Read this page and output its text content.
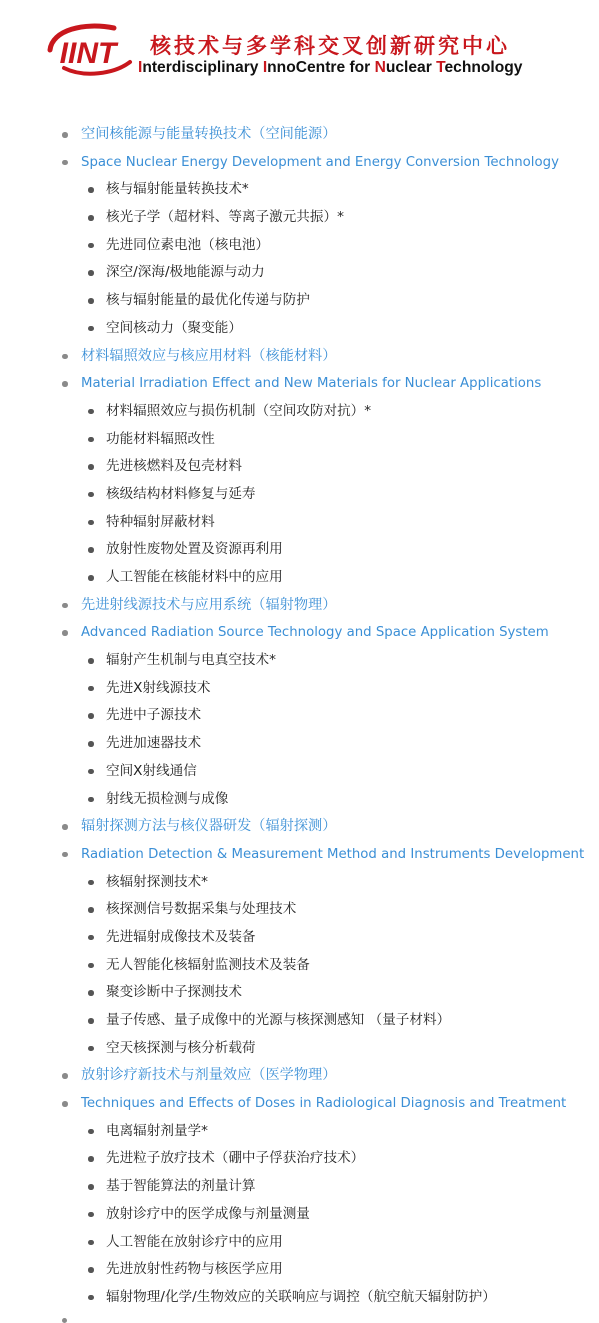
IINT 核技术与多学科交叉创新研究中心
Interdisciplinary InnoCentre for Nuclear Technology
空间核能源与能量转换技术（空间能源）
Space Nuclear Energy Development and Energy Conversion Technology
核与辐射能量转换技术*
核光子学（超材料、等离子激元共振）*
先进同位素电池（核电池）
深空/深海/极地能源与动力
核与辐射能量的最优化传递与防护
空间核动力（聚变能）
材料辐照效应与核应用材料（核能材料）
Material Irradiation Effect and New Materials for Nuclear Applications
材料辐照效应与损伤机制（空间攻防对抗）*
功能材料辐照改性
先进核燃料及包壳材料
核级结构材料修复与延寿
特种辐射屏蔽材料
放射性废物处置及资源再利用
人工智能在核能材料中的应用
先进射线源技术与应用系统（辐射物理）
Advanced Radiation Source Technology and Space Application System
辐射产生机制与电真空技术*
先进X射线源技术
先进中子源技术
先进加速器技术
空间X射线通信
射线无损检测与成像
辐射探测方法与核仪器研发（辐射探测）
Radiation Detection & Measurement Method and Instruments Development
核辐射探测技术*
核探测信号数据采集与处理技术
先进辐射成像技术及装备
无人智能化核辐射监测技术及装备
聚变诊断中子探测技术
量子传感、量子成像中的光源与核探测感知 （量子材料）
空天核探测与核分析载荷
放射诊疗新技术与剂量效应（医学物理）
Techniques and Effects of Doses in Radiological Diagnosis and Treatment
电离辐射剂量学*
先进粒子放疗技术（硼中子俘获治疗技术）
基于智能算法的剂量计算
放射诊疗中的医学成像与剂量测量
人工智能在放射诊疗中的应用
先进放射性药物与核医学应用
辐射物理/化学/生物效应的关联响应与调控（航空航天辐射防护）
